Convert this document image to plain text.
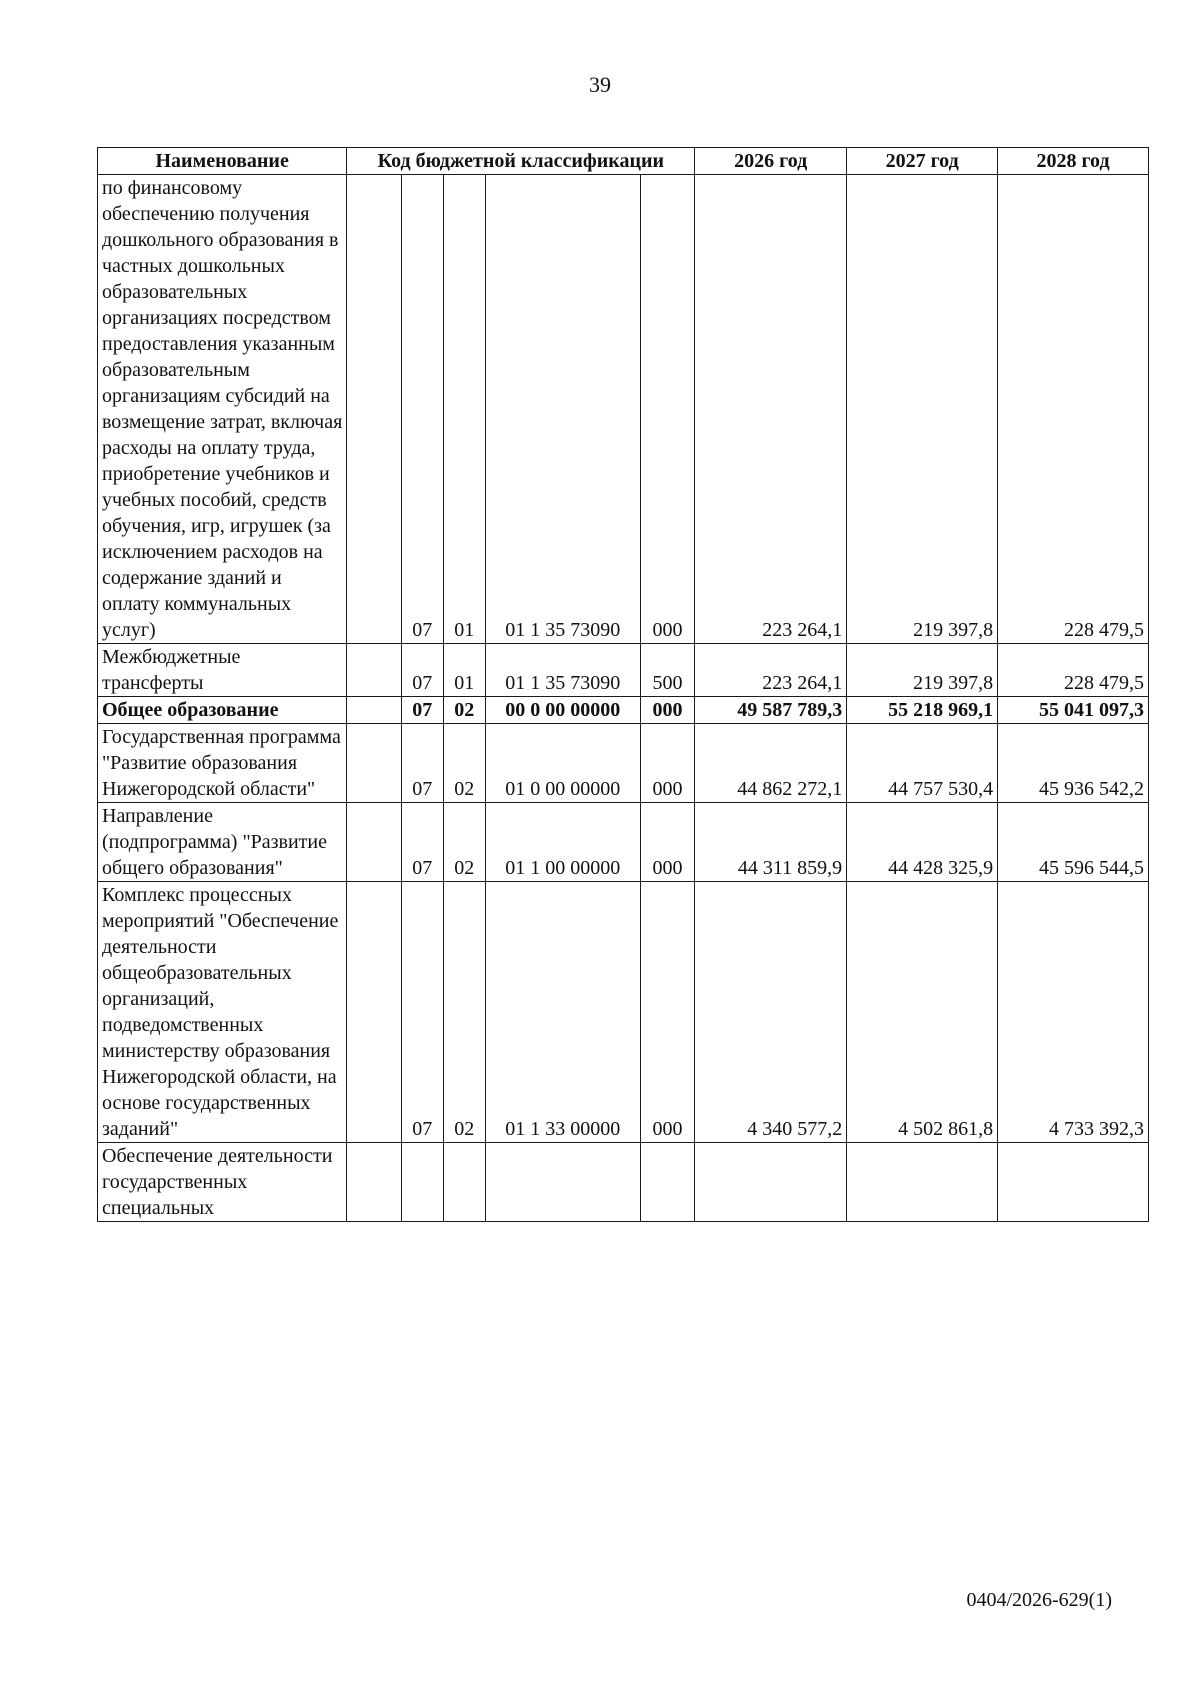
39
Наименование	Код бюджетной классификации					2026 год	2027 год	2028 год
по финансовому обеспечению получения дошкольного образования в частных дошкольных образовательных организациях посредством предоставления указанным образовательным организациям субсидий на возмещение затрат, включая расходы на оплату труда, приобретение учебников и учебных пособий, средств обучения, игр, игрушек (за исключением расходов на содержание зданий и оплату коммунальных услуг)		07	01	01 1 35 73090	000	223 264,1	219 397,8	228 479,5
Межбюджетные трансферты		07	01	01 1 35 73090	500	223 264,1	219 397,8	228 479,5
Общее образование		07	02	00 0 00 00000	000	49 587 789,3	55 218 969,1	55 041 097,3
Государственная программа "Развитие образования Нижегородской области"		07	02	01 0 00 00000	000	44 862 272,1	44 757 530,4	45 936 542,2
Направление (подпрограмма) "Развитие общего образования"		07	02	01 1 00 00000	000	44 311 859,9	44 428 325,9	45 596 544,5
Комплекс процессных мероприятий "Обеспечение деятельности общеобразовательных организаций, подведомственных министерству образования Нижегородской области, на основе государственных заданий"		07	02	01 1 33 00000	000	4 340 577,2	4 502 861,8	4 733 392,3
Обеспечение деятельности государственных специальных								
0404/2026-629(1)
